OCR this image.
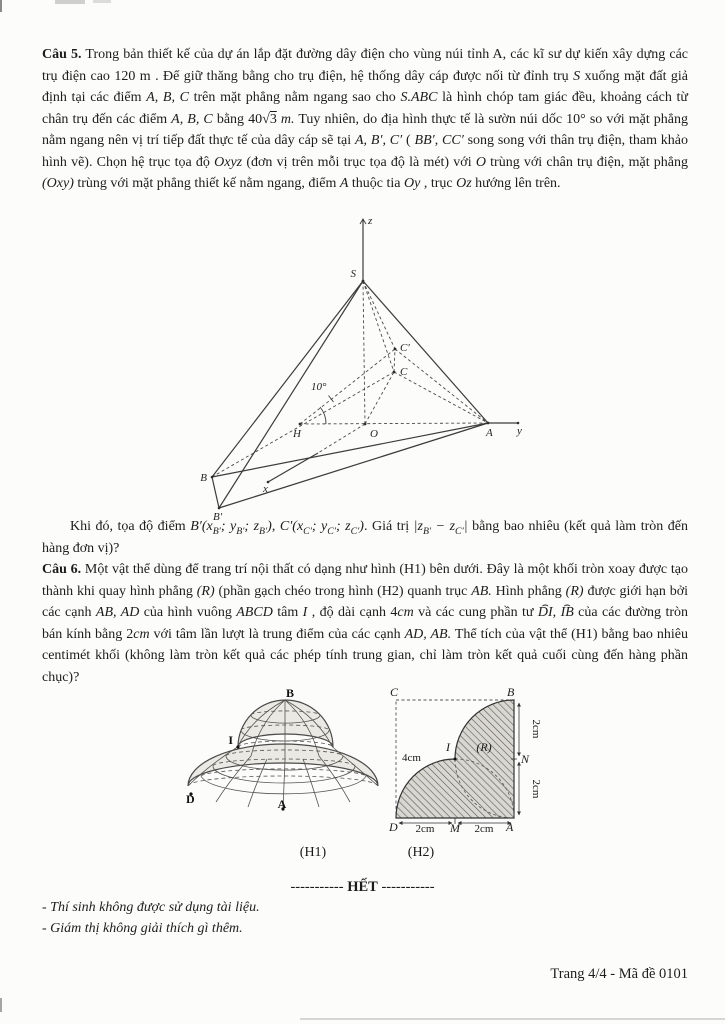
Câu 5. Trong bản thiết kế của dự án lắp đặt đường dây điện cho vùng núi tỉnh A, các kĩ sư dự kiến xây dựng các trụ điện cao 120 m . Để giữ thăng bằng cho trụ điện, hệ thống dây cáp được nối từ đỉnh trụ S xuống mặt đất giả định tại các điểm A, B, C trên mặt phẳng nằm ngang sao cho S.ABC là hình chóp tam giác đều, khoảng cách từ chân trụ đến các điểm A, B, C bằng 40√3 m. Tuy nhiên, do địa hình thực tế là sườn núi dốc 10° so với mặt phẳng nằm ngang nên vị trí tiếp đất thực tế của dây cáp sẽ tại A, B′, C′ ( BB′, CC′ song song với thân trụ điện, tham khảo hình vẽ). Chọn hệ trục tọa độ Oxyz (đơn vị trên mỗi trục tọa độ là mét) với O trùng với chân trụ điện, mặt phẳng (Oxy) trùng với mặt phẳng thiết kế nằm ngang, điểm A thuộc tia Oy , trục Oz hướng lên trên.

z
S
C′
C
10°
H	O	A y
B
x
B′

Khi đó, tọa độ điểm $B'(x_{B'}$; $y_{B'}$; $z_{B'}$), $C'(x_{C'}$; $y_{C'}$; $z_{C'}$). Giá trị $|z_{B'} - z_{C'}|$ bằng bao nhiêu (kết quả làm tròn đến hàng đơn vị)?

Câu 6. Một vật thể dùng để trang trí nội thất có dạng như hình (H1) bên dưới. Đây là một khối tròn xoay được tạo thành khi quay hình phẳng (R) (phần gạch chéo trong hình (H2) quanh trục AB. Hình phẳng (R) được giới hạn bởi các cạnh AB, AD của hình vuông ABCD tâm I , độ dài cạnh 4cm và các cung phần tư ⌢ DI, ⌢ IB của các đường tròn bán kính bằng 2cm với tâm lần lượt là trung điểm của các cạnh AD, AB. Thể tích của vật thể (H1) bằng bao nhiêu centimét khối (không làm tròn kết quả các phép tính trung gian, chỉ làm tròn kết quả cuối cùng đến hàng phần chục)?

B
I
D	A
(H1)
C	B
D	A
M
N
I (R)
4cm
2cm	2cm
2cm
2cm
(H2)
----------- HẾT -----------
- Thí sinh không được sử dụng tài liệu.
- Giám thị không giải thích gì thêm.
Trang 4/4 - Mã đề 0101
